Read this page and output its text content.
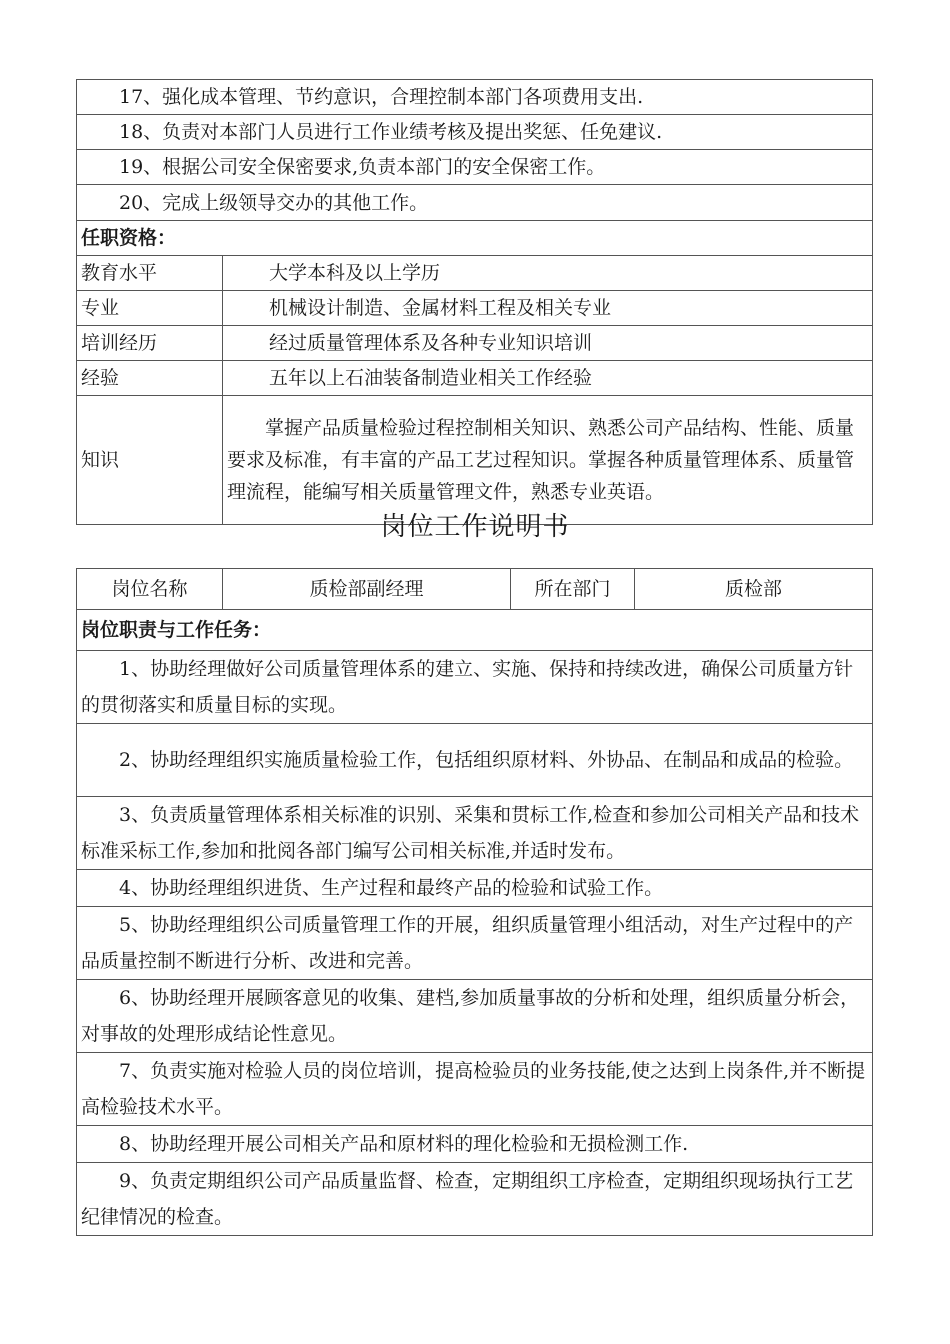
17、强化成本管理、节约意识，合理控制本部门各项费用支出.	
18、负责对本部门人员进行工作业绩考核及提出奖惩、任免建议.	
19、根据公司安全保密要求,负责本部门的安全保密工作。	
20、完成上级领导交办的其他工作。	
任职资格：	
教育水平	大学本科及以上学历
专业	机械设计制造、金属材料工程及相关专业
培训经历	经过质量管理体系及各种专业知识培训
经验	五年以上石油装备制造业相关工作经验
知识	掌握产品质量检验过程控制相关知识、熟悉公司产品结构、性能、质量要求及标准，有丰富的产品工艺过程知识。掌握各种质量管理体系、质量管理流程，能编写相关质量管理文件，熟悉专业英语。
岗位工作说明书
岗位名称	质检部副经理	所在部门	质检部
岗位职责与工作任务：
1、协助经理做好公司质量管理体系的建立、实施、保持和持续改进，确保公司质量方针的贯彻落实和质量目标的实现。
2、协助经理组织实施质量检验工作，包括组织原材料、外协品、在制品和成品的检验。
3、负责质量管理体系相关标准的识别、采集和贯标工作,检查和参加公司相关产品和技术标准采标工作,参加和批阅各部门编写公司相关标准,并适时发布。
4、协助经理组织进货、生产过程和最终产品的检验和试验工作。
5、协助经理组织公司质量管理工作的开展，组织质量管理小组活动，对生产过程中的产品质量控制不断进行分析、改进和完善。
6、协助经理开展顾客意见的收集、建档,参加质量事故的分析和处理，组织质量分析会，对事故的处理形成结论性意见。
7、负责实施对检验人员的岗位培训，提高检验员的业务技能,使之达到上岗条件,并不断提高检验技术水平。
8、协助经理开展公司相关产品和原材料的理化检验和无损检测工作.
9、负责定期组织公司产品质量监督、检查，定期组织工序检查，定期组织现场执行工艺纪律情况的检查。
